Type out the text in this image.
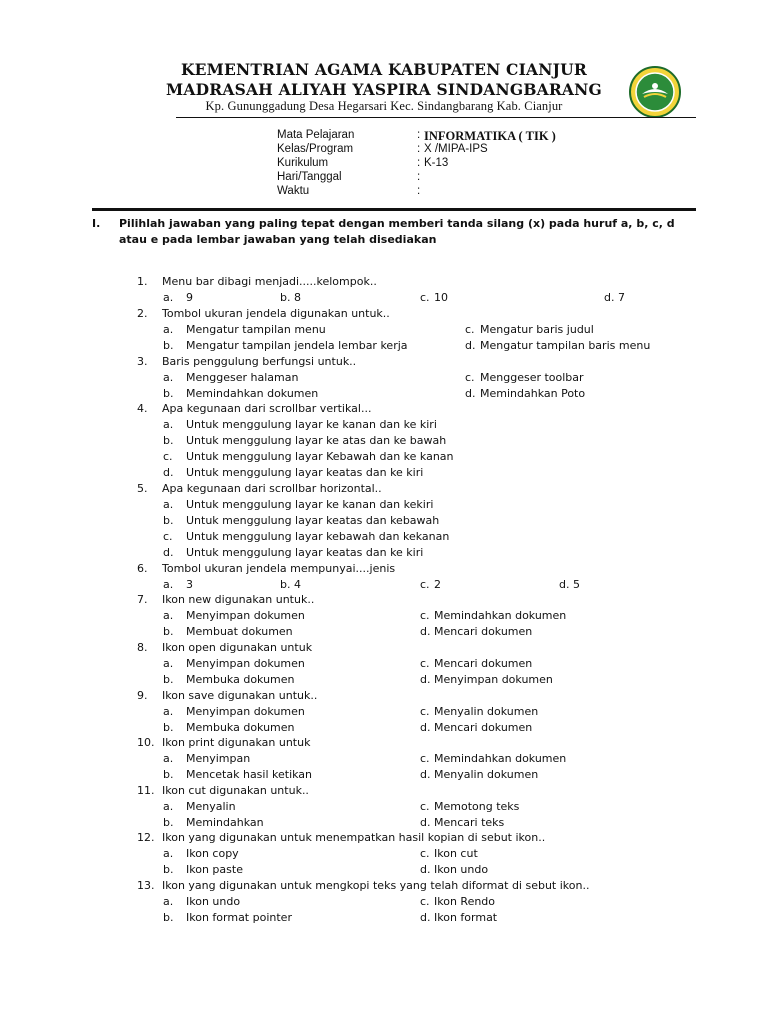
KEMENTRIAN AGAMA KABUPATEN CIANJUR
MADRASAH ALIYAH YASPIRA SINDANGBARANG
Kp. Gununggadung Desa Hegarsari Kec. Sindangbarang Kab. Cianjur
Mata Pelajaran	: INFORMATIKA ( TIK )
Kelas/Program	: X /MIPA-IPS
Kurikulum	: K-13
Hari/Tanggal	:
Waktu	:
I. Pilihlah jawaban yang paling tepat dengan memberi tanda silang (x) pada huruf a, b, c, d atau e pada lembar jawaban yang telah disediakan
1. Menu bar dibagi menjadi.....kelompok..
a. 9	b. 8	c. 10	d. 7
2. Tombol ukuran jendela digunakan untuk..
a. Mengatur tampilan menu	c. Mengatur baris judul
b. Mengatur tampilan jendela lembar kerja	d. Mengatur tampilan baris menu
3. Baris penggulung berfungsi untuk..
a. Menggeser halaman	c. Menggeser toolbar
b. Memindahkan dokumen	d. Memindahkan Poto
4. Apa kegunaan dari scrollbar vertikal...
a. Untuk menggulung layar ke kanan dan ke kiri
b. Untuk menggulung layar ke atas dan ke bawah
c. Untuk menggulung layar Kebawah dan ke kanan
d. Untuk menggulung layar keatas dan ke kiri
5. Apa kegunaan dari scrollbar horizontal..
a. Untuk menggulung layar ke kanan dan kekiri
b. Untuk menggulung layar keatas dan kebawah
c. Untuk menggulung layar kebawah dan kekanan
d. Untuk menggulung layar keatas dan ke kiri
6. Tombol ukuran jendela mempunyai....jenis
a. 3	b. 4	c. 2	d. 5
7. Ikon new digunakan untuk..
a. Menyimpan dokumen	c. Memindahkan dokumen
b. Membuat dokumen	d. Mencari dokumen
8. Ikon open digunakan untuk
a. Menyimpan dokumen	c. Mencari dokumen
b. Membuka dokumen	d. Menyimpan dokumen
9. Ikon save digunakan untuk..
a. Menyimpan dokumen	c. Menyalin dokumen
b. Membuka dokumen	d. Mencari dokumen
10. Ikon print digunakan untuk
a. Menyimpan	c. Memindahkan dokumen
b. Mencetak hasil ketikan	d. Menyalin dokumen
11. Ikon cut digunakan untuk..
a. Menyalin	c. Memotong teks
b. Memindahkan	d. Mencari teks
12. Ikon yang digunakan untuk menempatkan hasil kopian di sebut ikon..
a. Ikon copy	c. Ikon cut
b. Ikon paste	d. Ikon undo
13. Ikon yang digunakan untuk mengkopi teks yang telah diformat di sebut ikon..
a. Ikon undo	c. Ikon Rendo
b. Ikon format pointer	d. Ikon format
